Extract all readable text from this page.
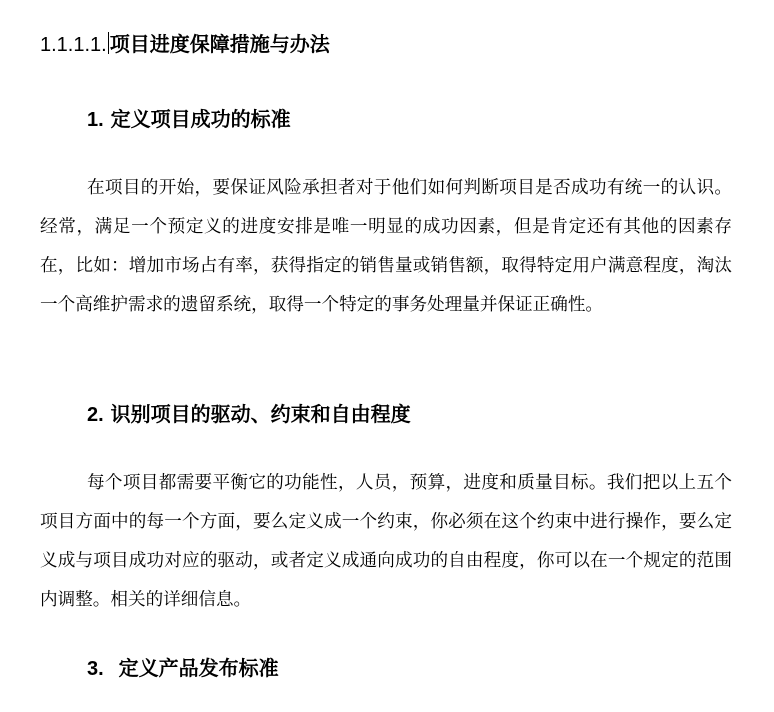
1.1.1.1. 项目进度保障措施与办法
1. 定义项目成功的标准

在项目的开始，要保证风险承担者对于他们如何判断项目是否成功有统一的认识。经常，满足一个预定义的进度安排是唯一明显的成功因素，但是肯定还有其他的因素存在，比如：增加市场占有率，获得指定的销售量或销售额，取得特定用户满意程度，淘汰一个高维护需求的遗留系统，取得一个特定的事务处理量并保证正确性。

2. 识别项目的驱动、约束和自由程度

每个项目都需要平衡它的功能性，人员，预算，进度和质量目标。我们把以上五个项目方面中的每一个方面，要么定义成一个约束，你必须在这个约束中进行操作，要么定义成与项目成功对应的驱动，或者定义成通向成功的自由程度，你可以在一个规定的范围内调整。相关的详细信息。

3. 定义产品发布标准
